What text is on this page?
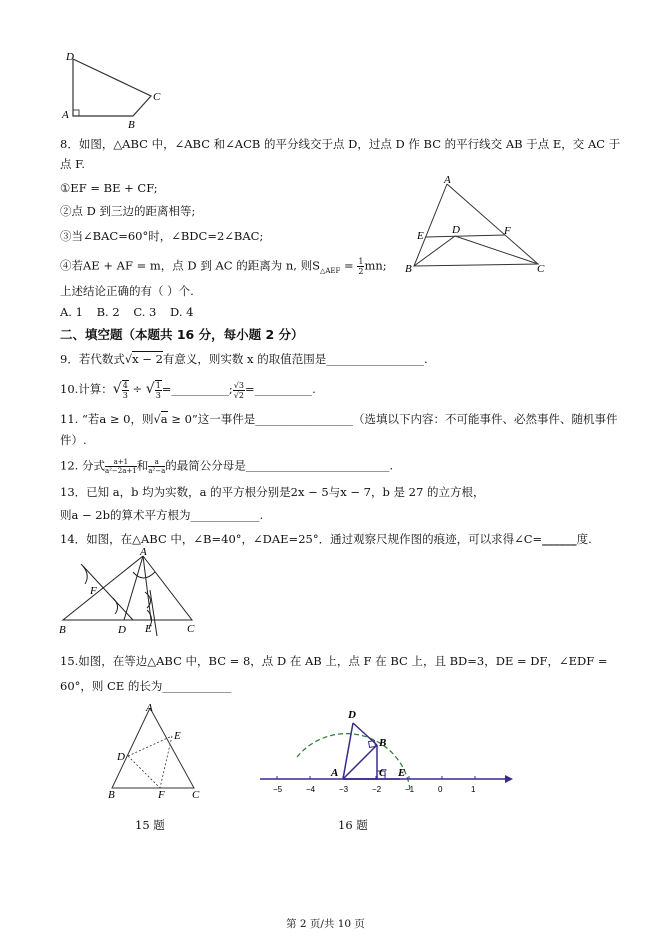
D
A
B
C
8．如图，△ABC 中，∠ABC 和∠ACB 的平分线交于点 D，过点 D 作 BC 的平行线交 AB 于点 E，交 AC 于
点 F.
①EF = BE + CF;
②点 D 到三边的距离相等;
③当∠BAC=60°时，∠BDC=2∠BAC;
④若AE + AF = m，点 D 到 AC 的距离为 n, 则$S_{\triangle AEF} = \frac{1}{2}$ mn;
上述结论正确的有（ ）个.
A. 1 B. 2 C. 3 D. 4
A
E	D	F
B	C
二、填空题（本题共 16 分，每小题 2 分）
9．若代数式√x − 2有意义，则实数 x 的取值范围是_________________.
10.计算：√ $\frac{4}{3}$ ÷ √ $\frac{1}{3}$ =__________; $\frac{√3}{√2}$ =__________.
11. “若a ≥ 0，则√a ≥ 0”这一事件是_________________（选填以下内容：不可能事件、必然事件、随机事件
件）.
12. 分式 $\frac{a+1}{\text{a²−2a+1}}$ 和 $\frac{a}{\text{a²−a}}$ 的最简公分母是_________________________.
13．已知 a，b 均为实数，a 的平方根分别是2x − 5与x − 7，b 是 27 的立方根，
则a − 2b的算术平方根为____________.
14．如图，在△ABC 中，∠B=40°，∠DAE=25°．通过观察尺规作图的痕迹，可以求得∠C=______度.
A
F
B	D E	C
15.如图，在等边△ABC 中，BC = 8，点 D 在 AB 上，点 F 在 BC 上，且 BD=3，DE = DF，∠EDF =
60°，则 CE 的长为____________
A
E
D
B	F C
D
B
A	C E
−5	−4	−3	−2	−1	0	1
15 题	16 题
第 2 页/共 10 页
